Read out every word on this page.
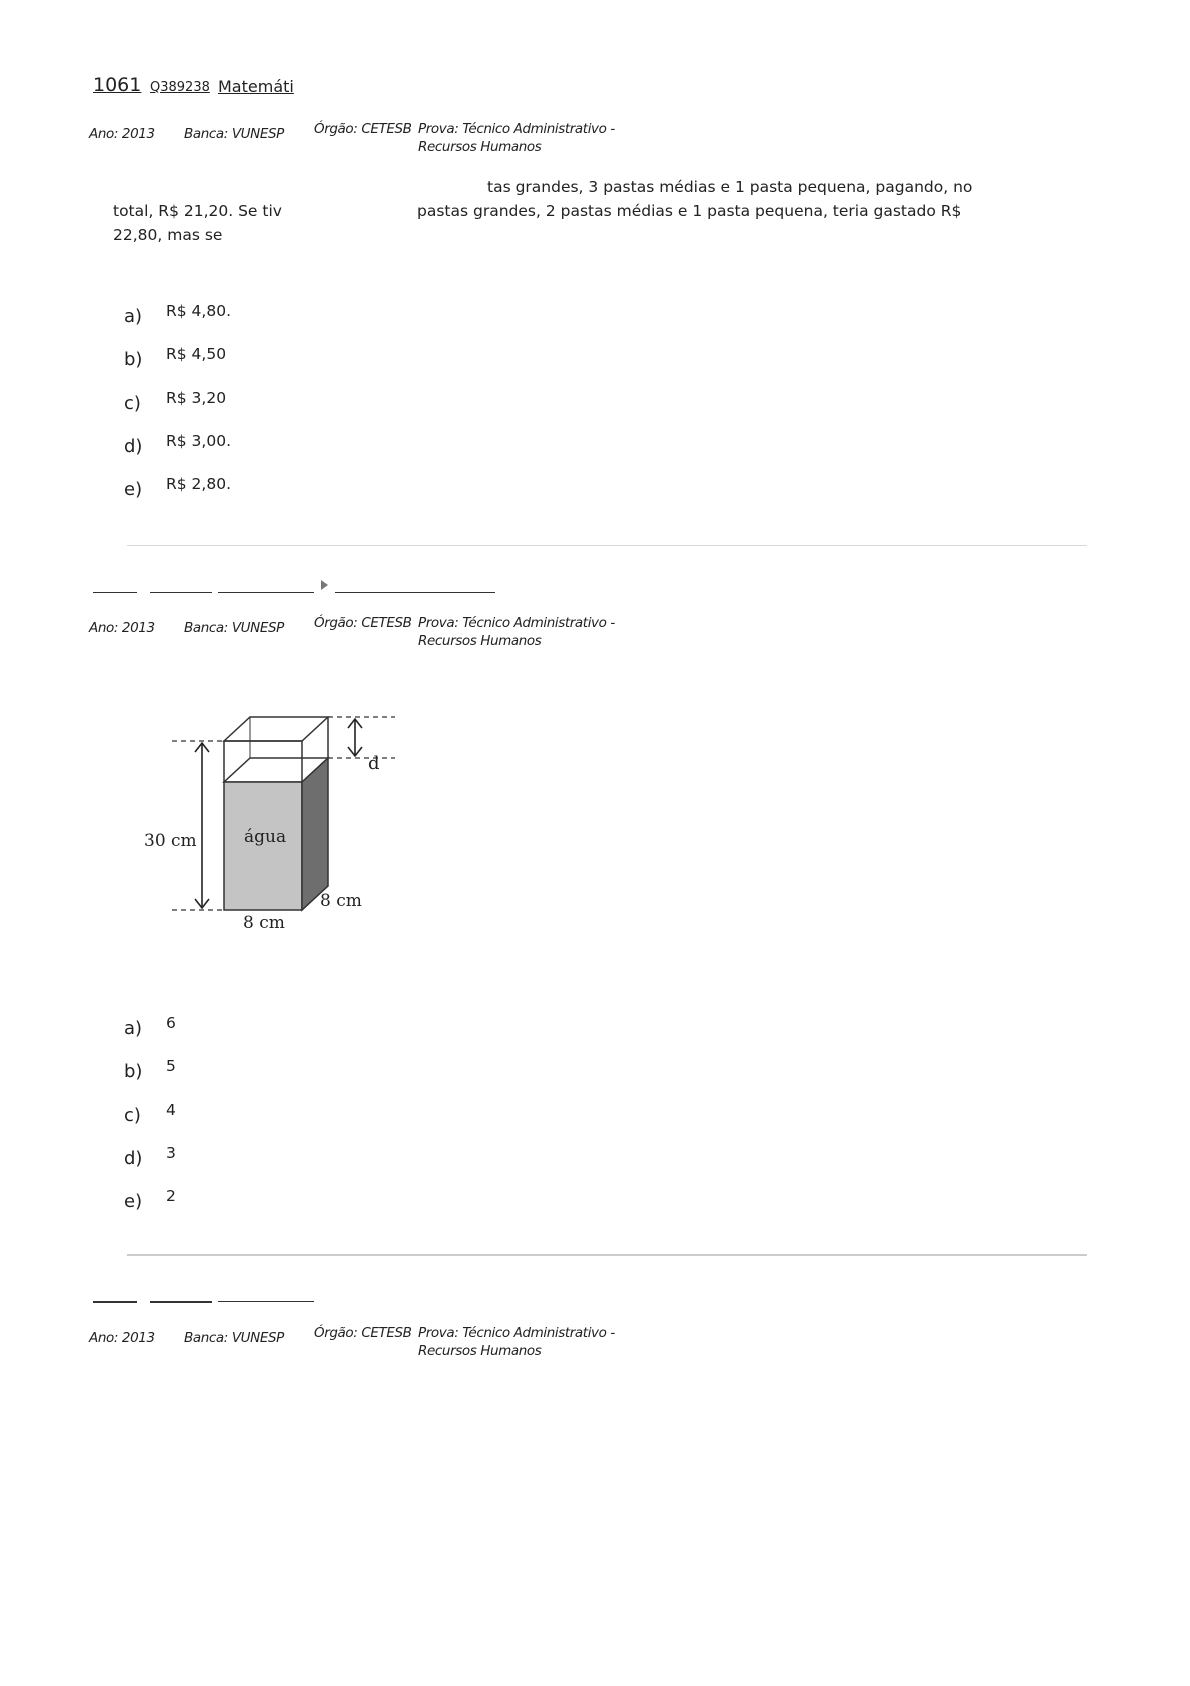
1061 Q389238 Matemáti
Ano: 2013 Banca: VUNESP Órgão: CETESB Prova: Técnico Administrativo -
Recursos Humanos
tas grandes, 3 pastas médias e 1 pasta pequena, pagando, no
total, R$ 21,20. Se tiv	pastas grandes, 2 pastas médias e 1 pasta pequena, teria gastado R$
22,80, mas se
a) R$ 4,80.
b) R$ 4,50
c) R$ 3,20
d) R$ 3,00.
e) R$ 2,80.
Ano: 2013 Banca: VUNESP Órgão: CETESB Prova: Técnico Administrativo -
Recursos Humanos
30 cm	água
d
8 cm
8 cm
a) 6
b) 5
c) 4
d) 3
e) 2
Ano: 2013 Banca: VUNESP Órgão: CETESB Prova: Técnico Administrativo -
Recursos Humanos
